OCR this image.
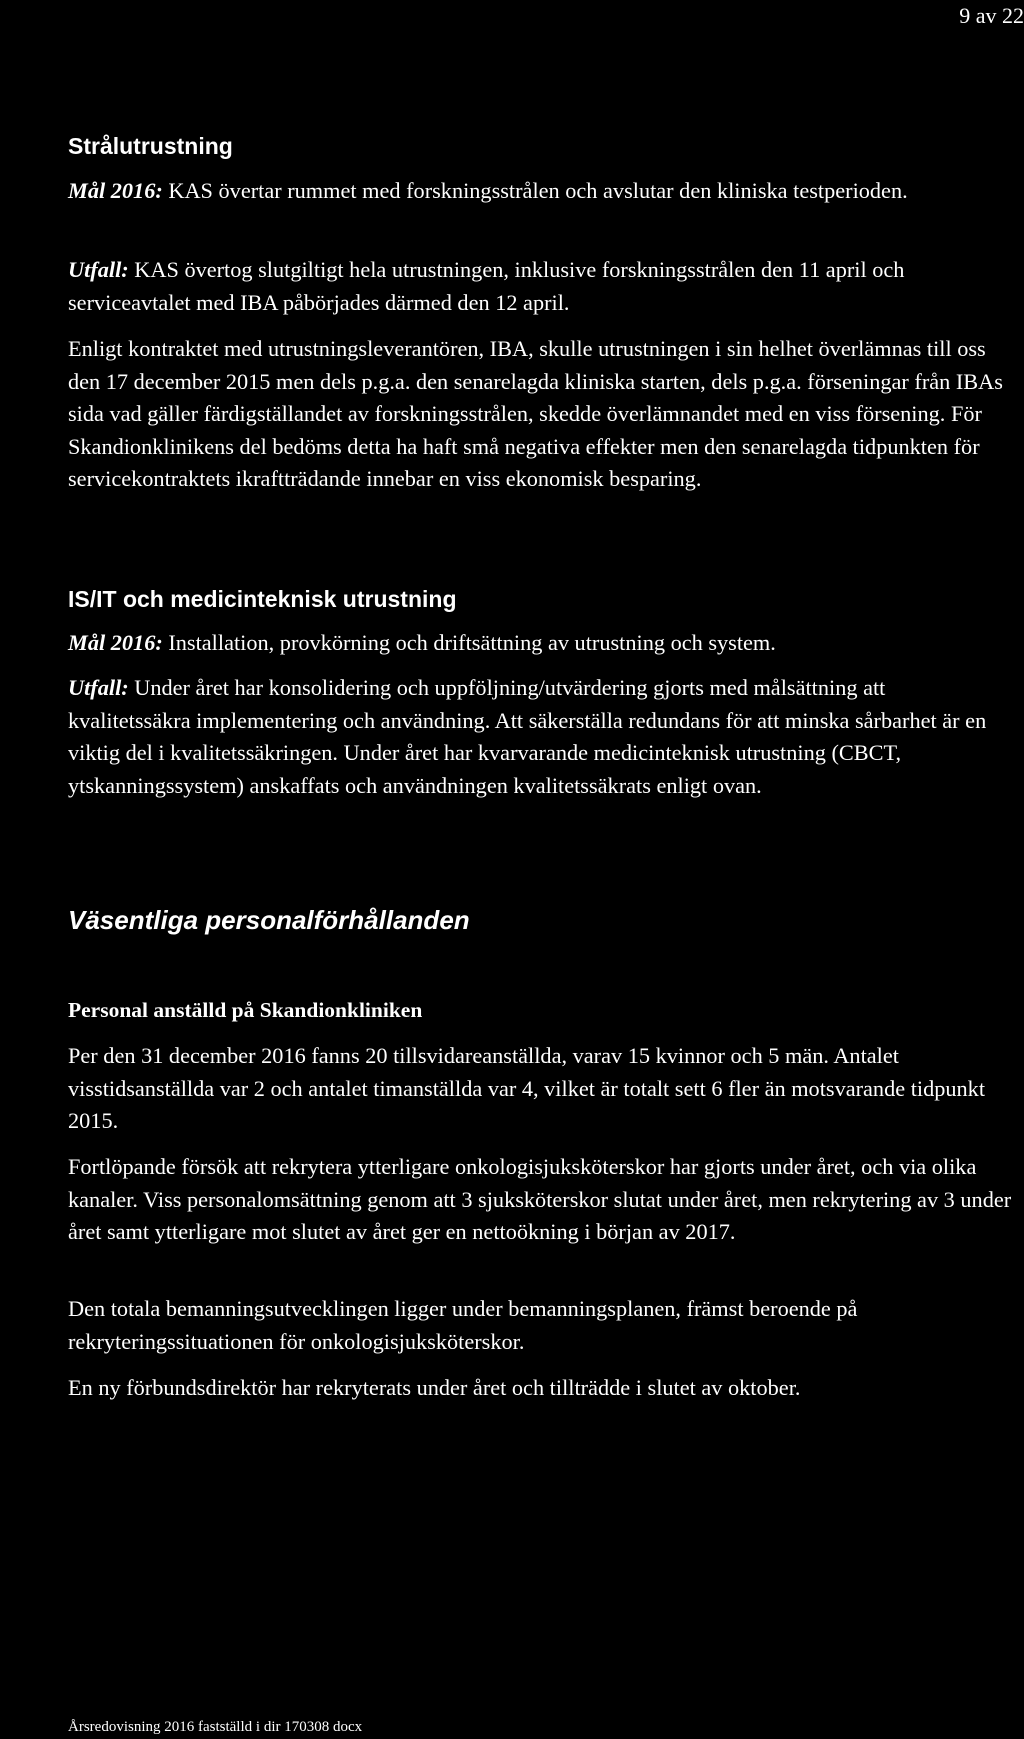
9 av 22
Strålutrustning

Mål 2016: KAS övertar rummet med forskningsstrålen och avslutar den kliniska testperioden.

Utfall: KAS övertog slutgiltigt hela utrustningen, inklusive forskningsstrålen den 11 april och serviceavtalet med IBA påbörjades därmed den 12 april.

Enligt kontraktet med utrustningsleverantören, IBA, skulle utrustningen i sin helhet överlämnas till oss den 17 december 2015 men dels p.g.a. den senarelagda kliniska starten, dels p.g.a. förseningar från IBAs sida vad gäller färdigställandet av forskningsstrålen, skedde överlämnandet med en viss försening. För Skandionklinikens del bedöms detta ha haft små negativa effekter men den senarelagda tidpunkten för servicekontraktets ikraftträdande innebar en viss ekonomisk besparing.

IS/IT och medicinteknisk utrustning

Mål 2016: Installation, provkörning och driftsättning av utrustning och system.

Utfall: Under året har konsolidering och uppföljning/utvärdering gjorts med målsättning att kvalitetssäkra implementering och användning. Att säkerställa redundans för att minska sårbarhet är en viktig del i kvalitetssäkringen. Under året har kvarvarande medicinteknisk utrustning (CBCT, ytskanningssystem) anskaffats och användningen kvalitetssäkrats enligt ovan.

Väsentliga personalförhållanden
Personal anställd på Skandionkliniken

Per den 31 december 2016 fanns 20 tillsvidareanställda, varav 15 kvinnor och 5 män. Antalet visstidsanställda var 2 och antalet timanställda var 4, vilket är totalt sett 6 fler än motsvarande tidpunkt 2015.

Fortlöpande försök att rekrytera ytterligare onkologisjuksköterskor har gjorts under året, och via olika kanaler. Viss personalomsättning genom att 3 sjuksköterskor slutat under året, men rekrytering av 3 under året samt ytterligare mot slutet av året ger en nettoökning i början av 2017.

Den totala bemanningsutvecklingen ligger under bemanningsplanen, främst beroende på rekryteringssituationen för onkologisjuksköterskor.

En ny förbundsdirektör har rekryterats under året och tillträdde i slutet av oktober.

Årsredovisning 2016 fastställd i dir 170308 docx
